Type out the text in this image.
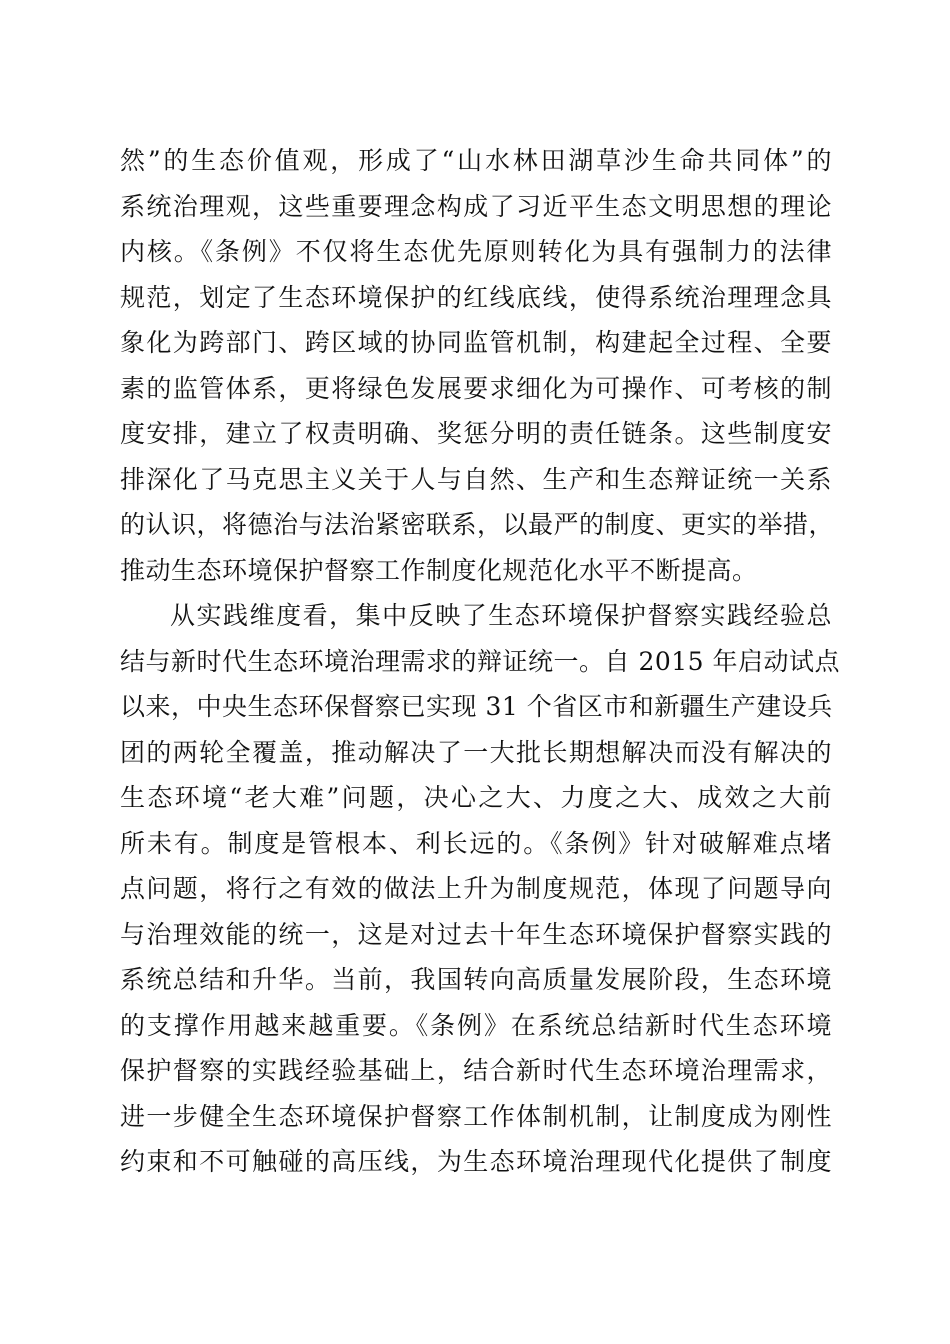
然”的生态价值观，形成了“山水林田湖草沙生命共同体”的
系统治理观，这些重要理念构成了习近平生态文明思想的理论
内核。《条例》不仅将生态优先原则转化为具有强制力的法律
规范，划定了生态环境保护的红线底线，使得系统治理理念具
象化为跨部门、跨区域的协同监管机制，构建起全过程、全要
素的监管体系，更将绿色发展要求细化为可操作、可考核的制
度安排，建立了权责明确、奖惩分明的责任链条。这些制度安
排深化了马克思主义关于人与自然、生产和生态辩证统一关系
的认识，将德治与法治紧密联系，以最严的制度、更实的举措，
推动生态环境保护督察工作制度化规范化水平不断提高。
从实践维度看，集中反映了生态环境保护督察实践经验总
结与新时代生态环境治理需求的辩证统一。自 2015 年启动试点
以来，中央生态环保督察已实现 31 个省区市和新疆生产建设兵
团的两轮全覆盖，推动解决了一大批长期想解决而没有解决的
生态环境“老大难”问题，决心之大、力度之大、成效之大前
所未有。制度是管根本、利长远的。《条例》针对破解难点堵
点问题，将行之有效的做法上升为制度规范，体现了问题导向
与治理效能的统一，这是对过去十年生态环境保护督察实践的
系统总结和升华。当前，我国转向高质量发展阶段，生态环境
的支撑作用越来越重要。《条例》在系统总结新时代生态环境
保护督察的实践经验基础上，结合新时代生态环境治理需求，
进一步健全生态环境保护督察工作体制机制，让制度成为刚性
约束和不可触碰的高压线，为生态环境治理现代化提供了制度
